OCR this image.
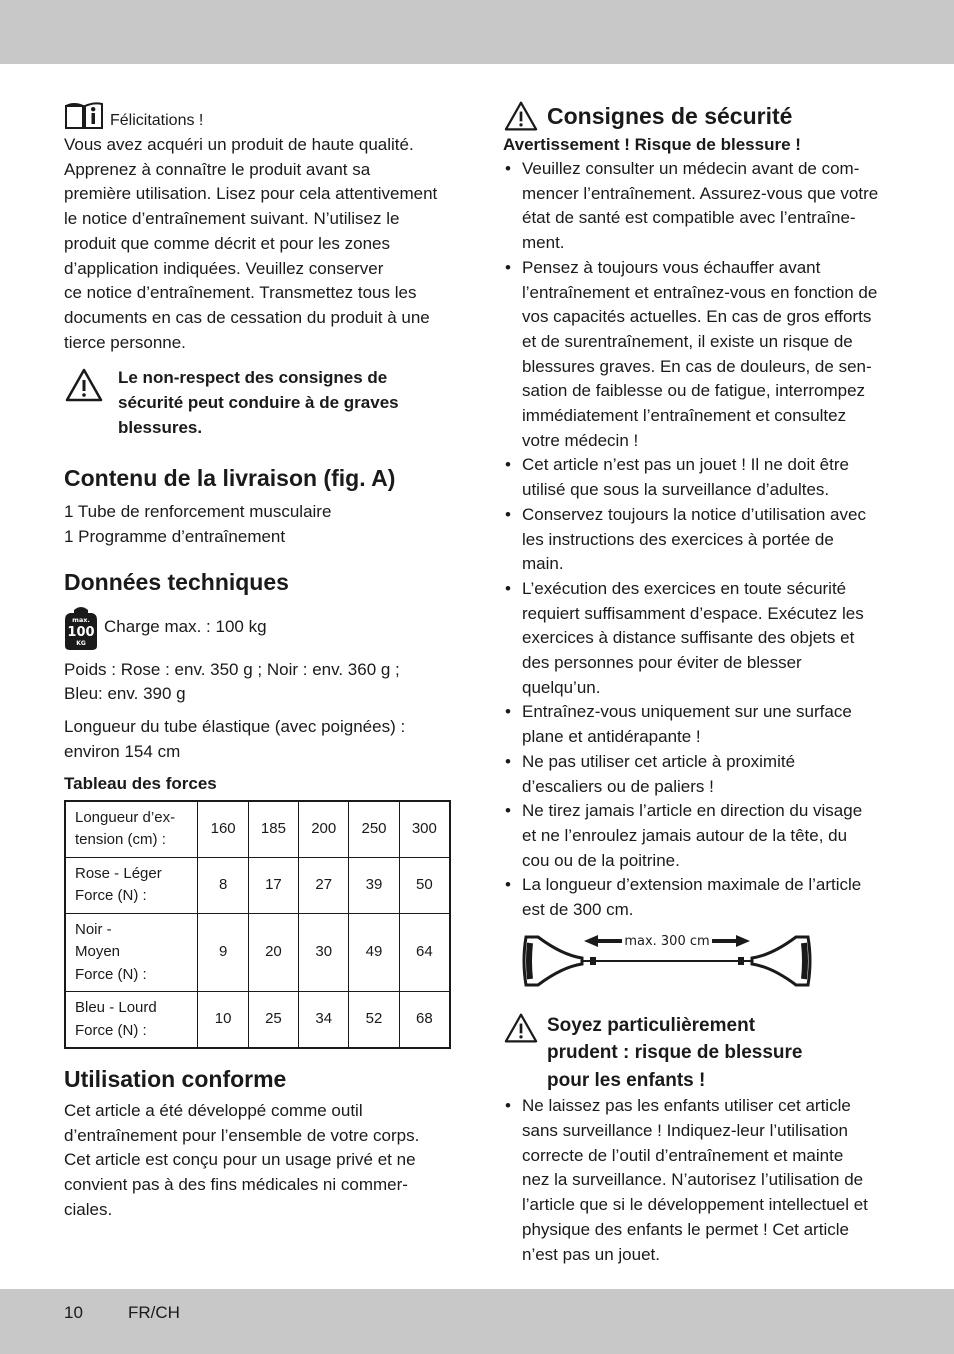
Félicitations !

Vous avez acquéri un produit de haute qualité.

Apprenez à connaître le produit avant sa

première utilisation. Lisez pour cela attentivement

le notice d’entraînement suivant. N’utilisez le

produit que comme décrit et pour les zones

d’application indiquées. Veuillez conserver

ce notice d’entraînement. Transmettez tous les

documents en cas de cessation du produit à une

tierce personne.

Le non-respect des consignes de

sécurité peut conduire à de graves

blessures.

Contenu de la livraison (fig. A)

1 Tube de renforcement musculaire

1 Programme d’entraînement

Données techniques
max.
100
KG
Charge max. : 100 kg

Poids : Rose : env. 350 g ; Noir : env. 360 g ;

Bleu: env. 390 g

Longueur du tube élastique (avec poignées) :

environ 154 cm

Tableau des forces
Longueur d’ex-
tension (cm) :	160	185	200	250	300

Rose - Léger
Force (N) :	8	17	27	39	50

Noir -
Moyen
Force (N) :	9	20	30	49	64

Bleu - Lourd
Force (N) :	10	25	34	52	68
Utilisation conforme

Cet article a été développé comme outil

d’entraînement pour l’ensemble de votre corps.

Cet article est conçu pour un usage privé et ne

convient pas à des fins médicales ni commer-

ciales.

Consignes de sécurité
Avertissement ! Risque de blessure !
• Veuillez consulter un médecin avant de com-
mencer l’entraînement. Assurez-vous que votre
état de santé est compatible avec l’entraîne-
ment.
• Pensez à toujours vous échauffer avant
l’entraînement et entraînez-vous en fonction de
vos capacités actuelles. En cas de gros efforts
et de surentraînement, il existe un risque de
blessures graves. En cas de douleurs, de sen-
sation de faiblesse ou de fatigue, interrompez
immédiatement l’entraînement et consultez
votre médecin !
• Cet article n’est pas un jouet ! Il ne doit être
utilisé que sous la surveillance d’adultes.
• Conservez toujours la notice d’utilisation avec
les instructions des exercices à portée de
main.
• L’exécution des exercices en toute sécurité
requiert suffisamment d’espace. Exécutez les
exercices à distance suffisante des objets et
des personnes pour éviter de blesser
quelqu’un.
• Entraînez-vous uniquement sur une surface
plane et antidérapante !
• Ne pas utiliser cet article à proximité
d’escaliers ou de paliers !
• Ne tirez jamais l’article en direction du visage
et ne l’enroulez jamais autour de la tête, du
cou ou de la poitrine.
• La longueur d’extension maximale de l’article
est de 300 cm.
max. 300 cm

Soyez particulièrement

prudent : risque de blessure

pour les enfants !

• Ne laissez pas les enfants utiliser cet article
sans surveillance ! Indiquez-leur l’utilisation
correcte de l’outil d’entraînement et mainte
nez la surveillance. N’autorisez l’utilisation de
l’article que si le développement intellectuel et
physique des enfants le permet ! Cet article
n’est pas un jouet.
10	FR/CH
